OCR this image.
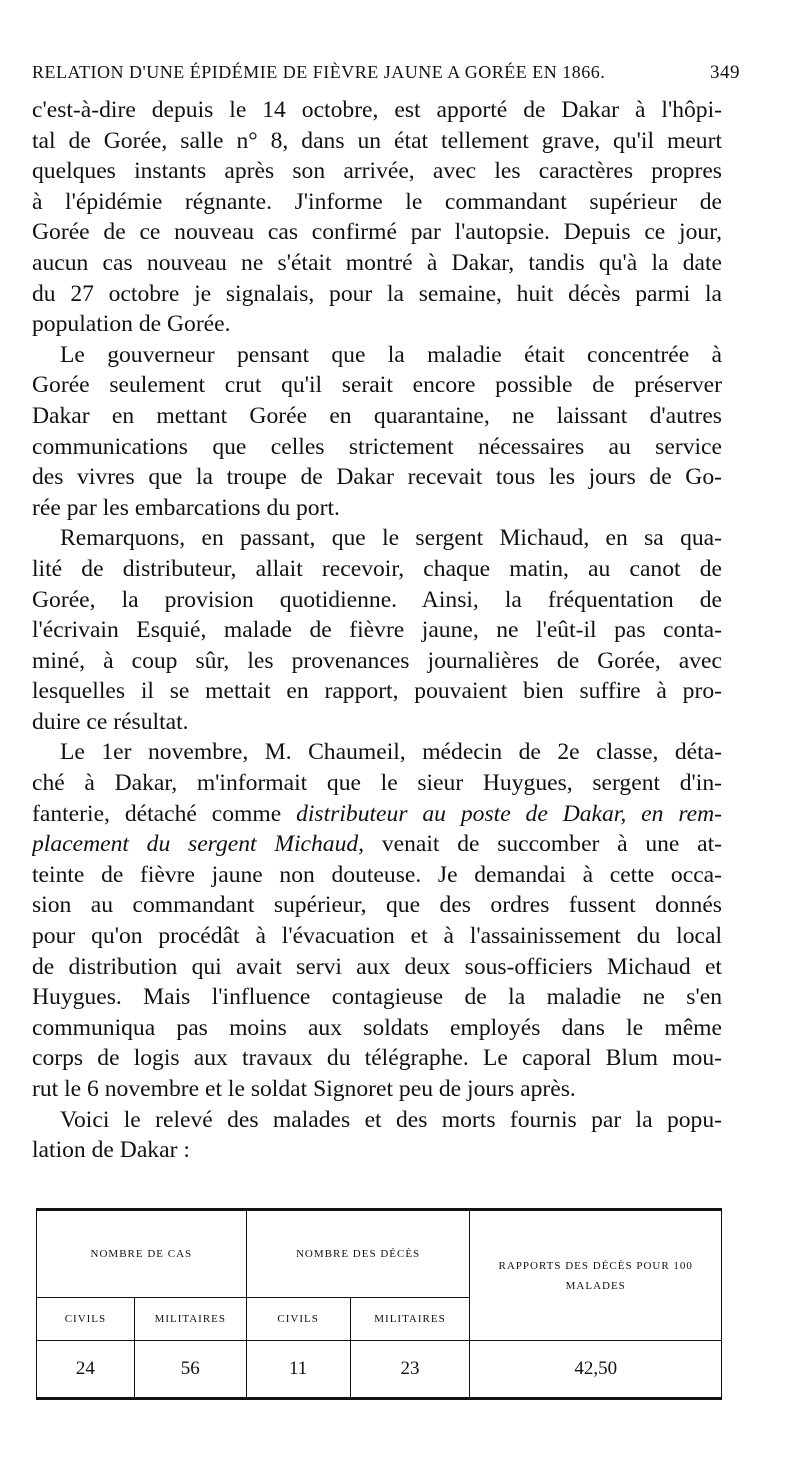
RELATION D'UNE ÉPIDÉMIE DE FIÈVRE JAUNE A GORÉE EN 1866.	349
c'est-à-dire depuis le 14 octobre, est apporté de Dakar à l'hôpi-
tal de Gorée, salle n° 8, dans un état tellement grave, qu'il meurt
quelques instants après son arrivée, avec les caractères propres
à l'épidémie régnante. J'informe le commandant supérieur de
Gorée de ce nouveau cas confirmé par l'autopsie. Depuis ce jour,
aucun cas nouveau ne s'était montré à Dakar, tandis qu'à la date
du 27 octobre je signalais, pour la semaine, huit décès parmi la
population de Gorée.
Le gouverneur pensant que la maladie était concentrée à
Gorée seulement crut qu'il serait encore possible de préserver
Dakar en mettant Gorée en quarantaine, ne laissant d'autres
communications que celles strictement nécessaires au service
des vivres que la troupe de Dakar recevait tous les jours de Go-
rée par les embarcations du port.
Remarquons, en passant, que le sergent Michaud, en sa qua-
lité de distributeur, allait recevoir, chaque matin, au canot de
Gorée, la provision quotidienne. Ainsi, la fréquentation de
l'écrivain Esquié, malade de fièvre jaune, ne l'eût-il pas conta-
miné, à coup sûr, les provenances journalières de Gorée, avec
lesquelles il se mettait en rapport, pouvaient bien suffire à pro-
duire ce résultat.
Le 1er novembre, M. Chaumeil, médecin de 2e classe, déta-
ché à Dakar, m'informait que le sieur Huygues, sergent d'in-
fanterie, détaché comme distributeur au poste de Dakar, en rem-
placement du sergent Michaud, venait de succomber à une at-
teinte de fièvre jaune non douteuse. Je demandai à cette occa-
sion au commandant supérieur, que des ordres fussent donnés
pour qu'on procédât à l'évacuation et à l'assainissement du local
de distribution qui avait servi aux deux sous-officiers Michaud et
Huygues. Mais l'influence contagieuse de la maladie ne s'en
communiqua pas moins aux soldats employés dans le même
corps de logis aux travaux du télégraphe. Le caporal Blum mou-
rut le 6 novembre et le soldat Signoret peu de jours après.
Voici le relevé des malades et des morts fournis par la popu-
lation de Dakar :
NOMBRE DE CAS		NOMBRE DES DÉCÈS		RAPPORTS DES DÉCÈS POUR 100 MALADES
CIVILS	MILITAIRES	CIVILS	MILITAIRES	
24	56	11	23	42,50
